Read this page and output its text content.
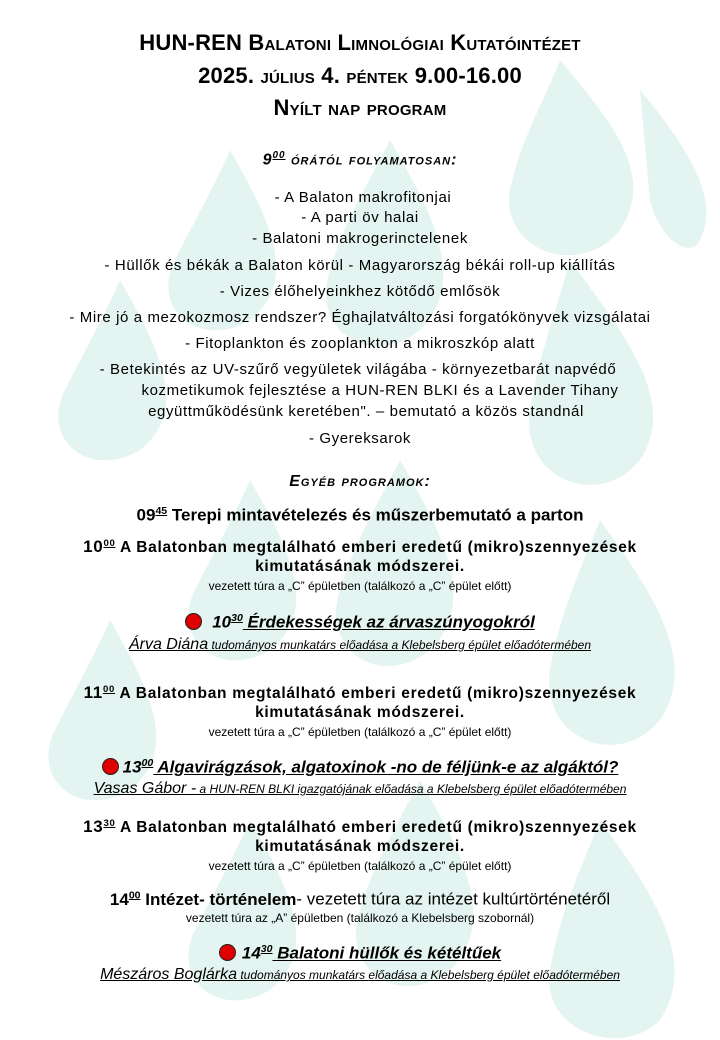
HUN-REN Balatoni Limnológiai Kutatóintézet
2025. július 4. péntek 9.00-16.00
Nyílt nap program
$9^{00}$ órától folyamatosan:
- A Balaton makrofitonjai
- A parti öv halai
- Balatoni makrogerinctelenek
- Hüllők és békák a Balaton körül - Magyarország békái roll-up kiállítás
- Vizes élőhelyeinkhez kötődő emlősök
- Mire jó a mezokozmosz rendszer? Éghajlatváltozási forgatókönyvek vizsgálatai
- Fitoplankton és zooplankton a mikroszkóp alatt
- Betekintés az UV-szűrő vegyületek világába - környezetbarát napvédő
kozmetikumok fejlesztése a HUN-REN BLKI és a Lavender Tihany
együttműködésünk keretében". – bemutató a közös standnál
- Gyereksarok
Egyéb programok:
$09^{45}$ Terepi mintavételezés és műszerbemutató a parton
$10^{00}$ A Balatonban megtalálható emberi eredetű (mikro)szennyezések
kimutatásának módszerei.
vezetett túra a „C” épületben (találkozó a „C” épület előtt)
$10^{30}$ Érdekességek az árvaszúnyogokról
Árva Diána tudományos munkatárs előadása a Klebelsberg épület előadótermében
$11^{00}$ A Balatonban megtalálható emberi eredetű (mikro)szennyezések
kimutatásának módszerei.
vezetett túra a „C” épületben (találkozó a „C” épület előtt)
$13^{00}$ Algavirágzások, algatoxinok -no de féljünk-e az algáktól?
Vasas Gábor - a HUN-REN BLKI igazgatójának előadása a Klebelsberg épület előadótermében
$13^{30}$ A Balatonban megtalálható emberi eredetű (mikro)szennyezések
kimutatásának módszerei.
vezetett túra a „C” épületben (találkozó a „C” épület előtt)
$14^{00}$ Intézet- történelem- vezetett túra az intézet kultúrtörténetéről
vezetett túra az „A” épületben (találkozó a Klebelsberg szobornál)
$14^{30}$ Balatoni hüllők és kétéltűek
Mészáros Boglárka tudományos munkatárs előadása a Klebelsberg épület előadótermében
